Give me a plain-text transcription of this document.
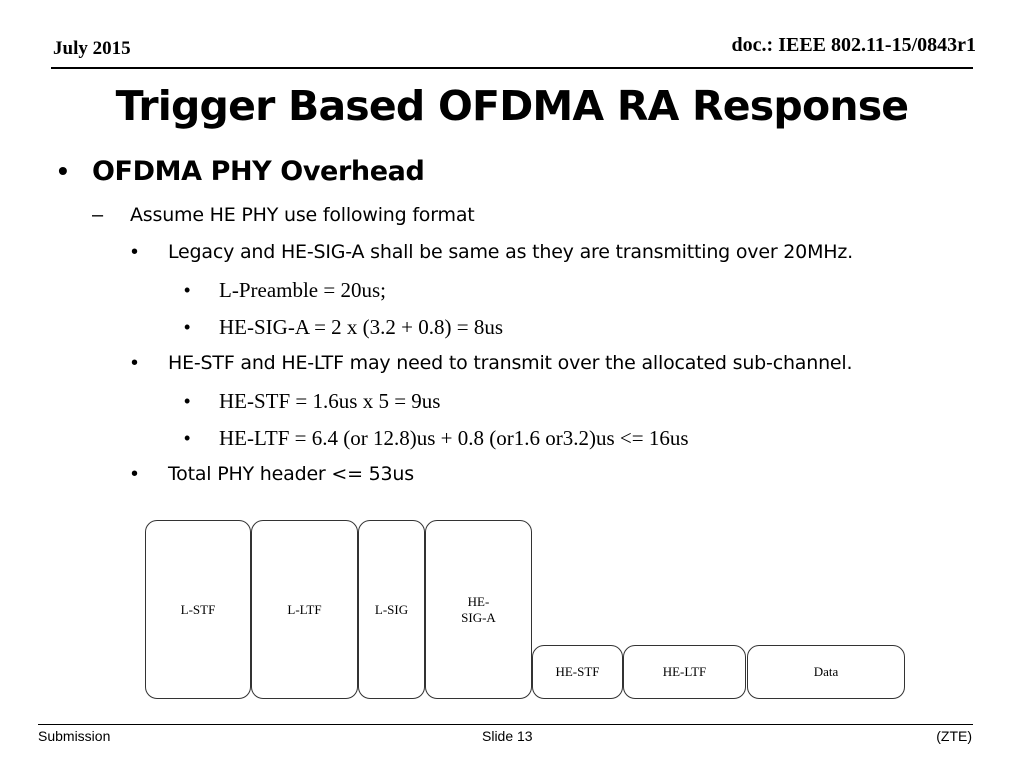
July 2015	doc.: IEEE 802.11-15/0843r1
Trigger Based OFDMA RA Response
• OFDMA PHY Overhead
– Assume HE PHY use following format
• Legacy and HE-SIG-A shall be same as they are transmitting over 20MHz.
• L-Preamble = 20us;
• HE-SIG-A = 2 x (3.2 + 0.8) = 8us
• HE-STF and HE-LTF may need to transmit over the allocated sub-channel.
• HE-STF = 1.6us x 5 = 9us
• HE-LTF = 6.4 (or 12.8)us + 0.8 (or1.6 or3.2)us <= 16us
• Total PHY header <= 53us
L-STF	L-LTF	L-SIG
HE-
SIG-A
HE-STF	HE-LTF	Data
Submission	Slide 13	(ZTE)
